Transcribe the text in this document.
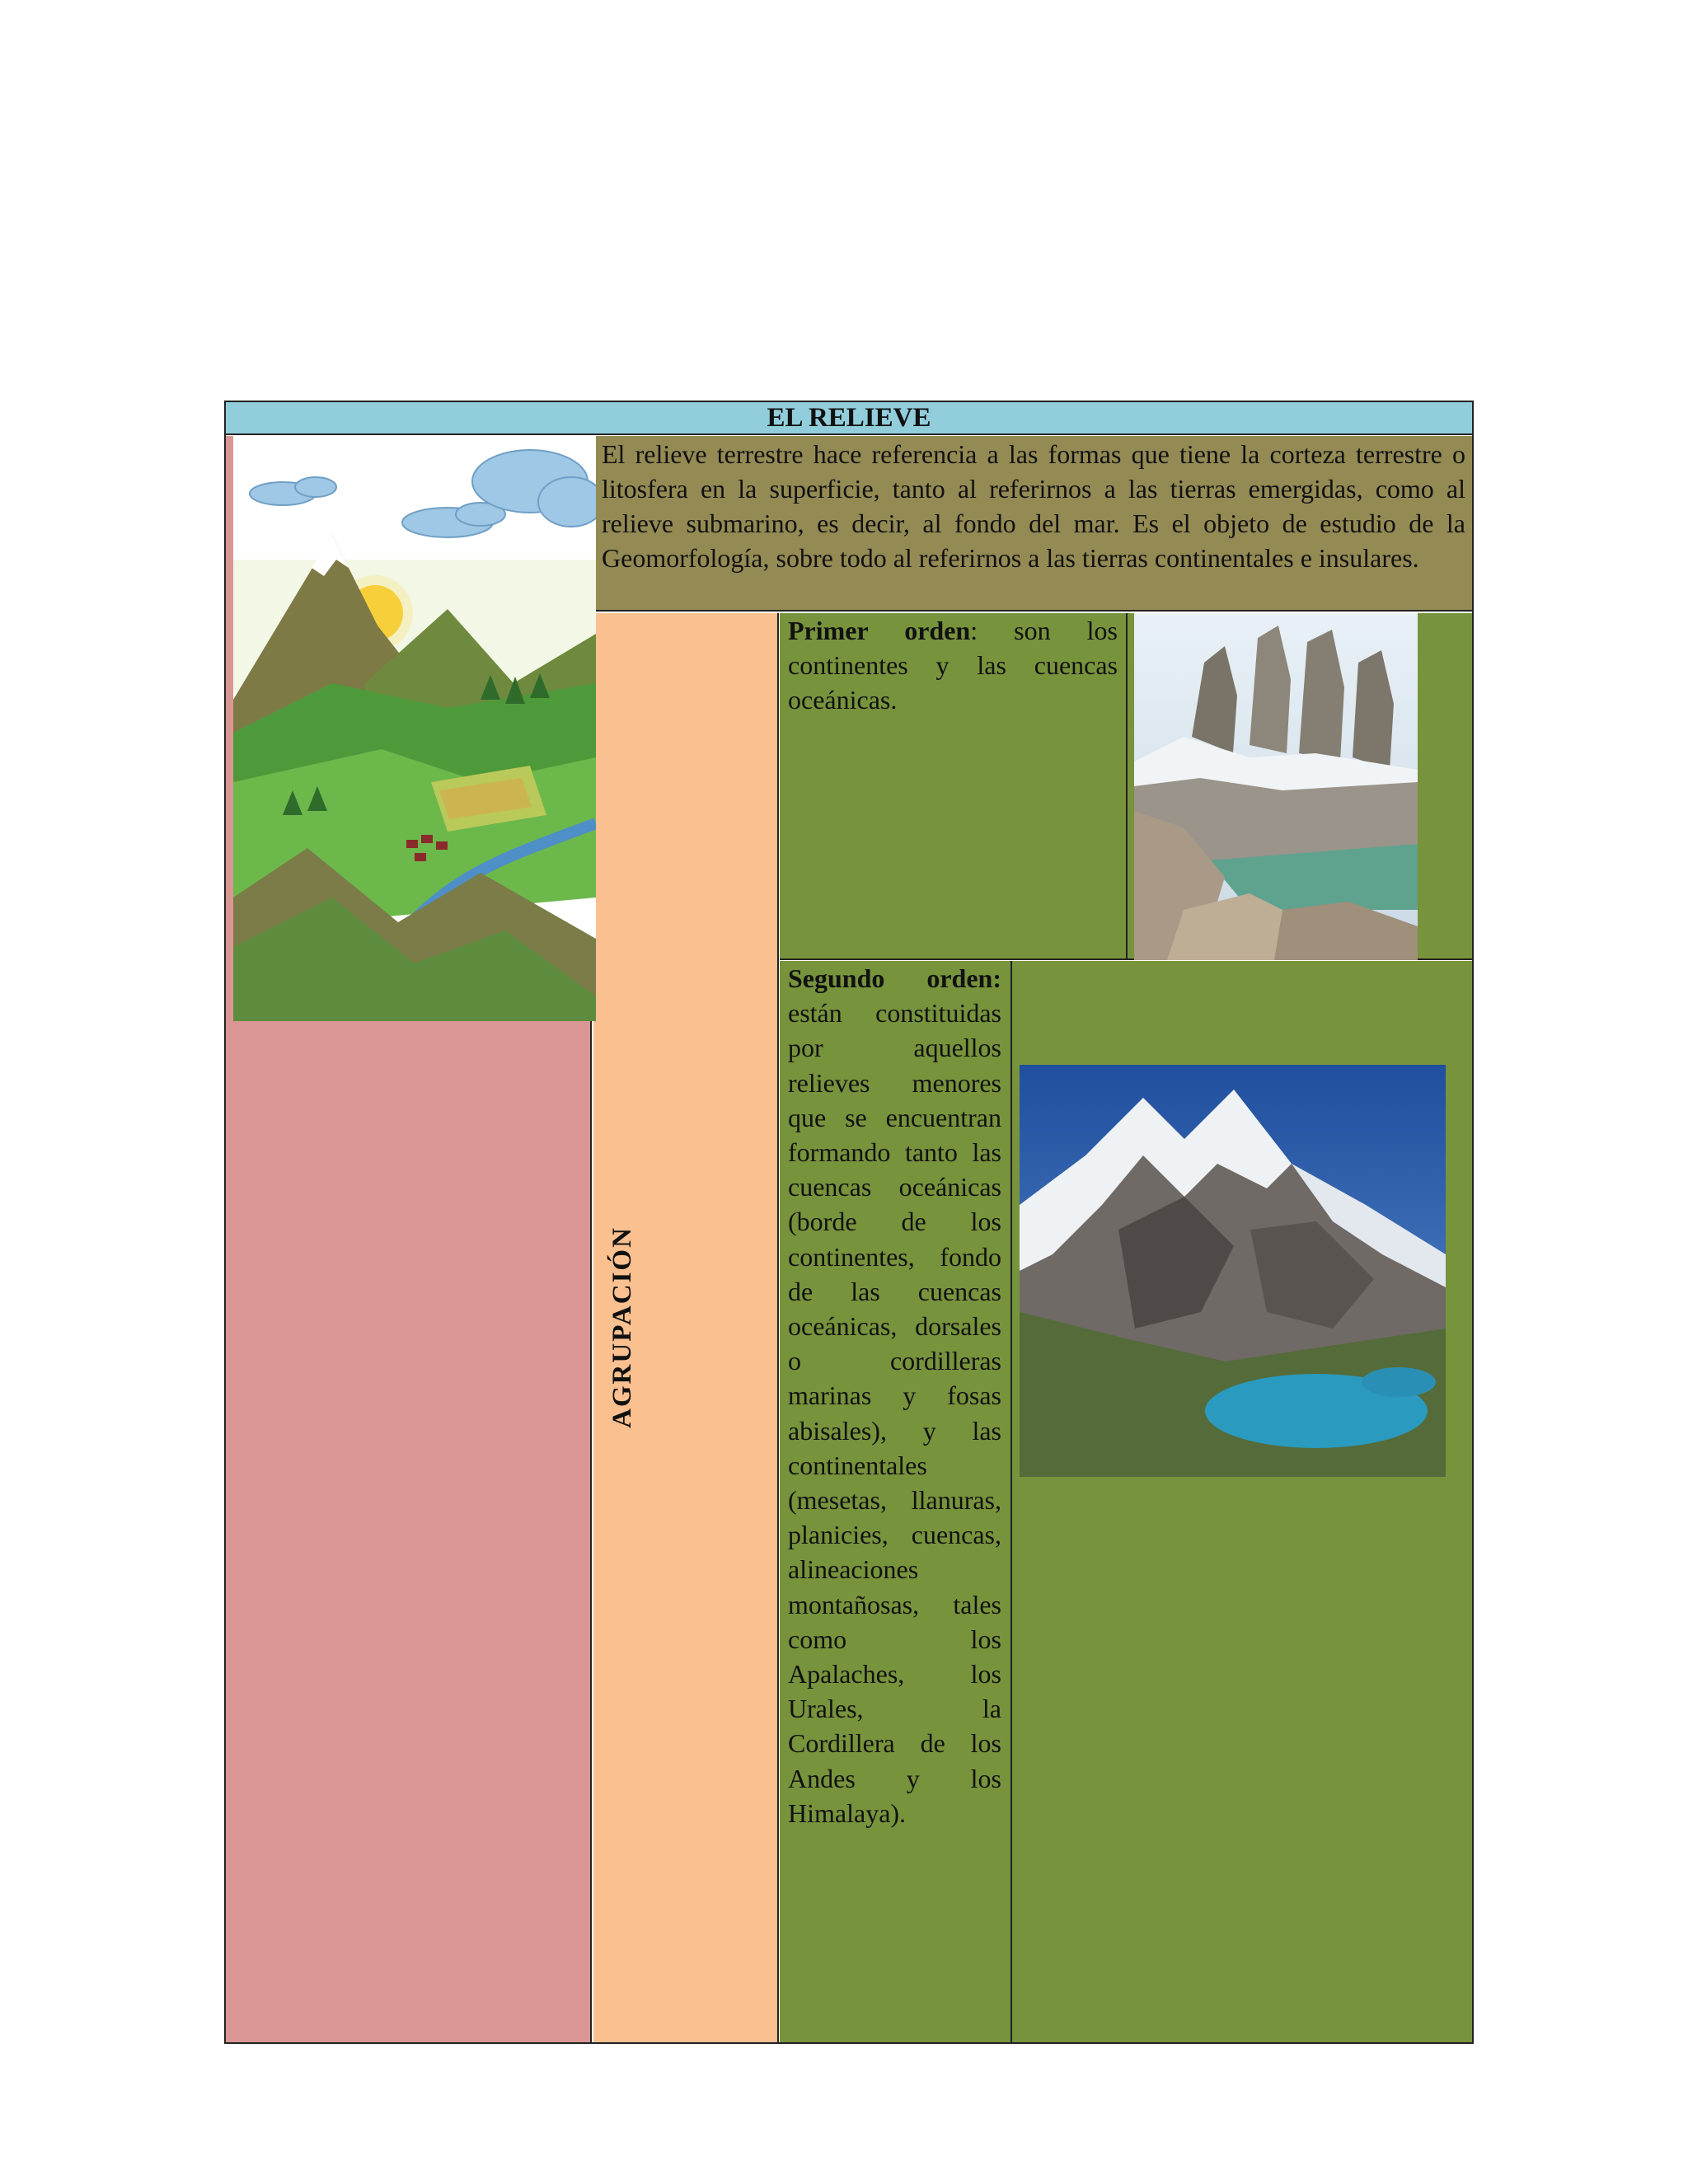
EL RELIEVE
El relieve terrestre hace referencia a las formas que tiene la corteza terrestre o litosfera en la superficie, tanto al referirnos a las tierras emergidas, como al relieve submarino, es decir, al fondo del mar. Es el objeto de estudio de la Geomorfología, sobre todo al referirnos a las tierras continentales e insulares.
AGRUPACIÓN
Primer orden: son los continentes y las cuencas oceánicas.
Segundo orden: están constituidas por aquellos relieves menores que se encuentran formando tanto las cuencas oceánicas (borde de los continentes, fondo de las cuencas oceánicas, dorsales o cordilleras marinas y fosas abisales), y las continentales (mesetas, llanuras, planicies, cuencas, alineaciones montañosas, tales como los Apalaches, los Urales, la Cordillera de los Andes y los Himalaya).
